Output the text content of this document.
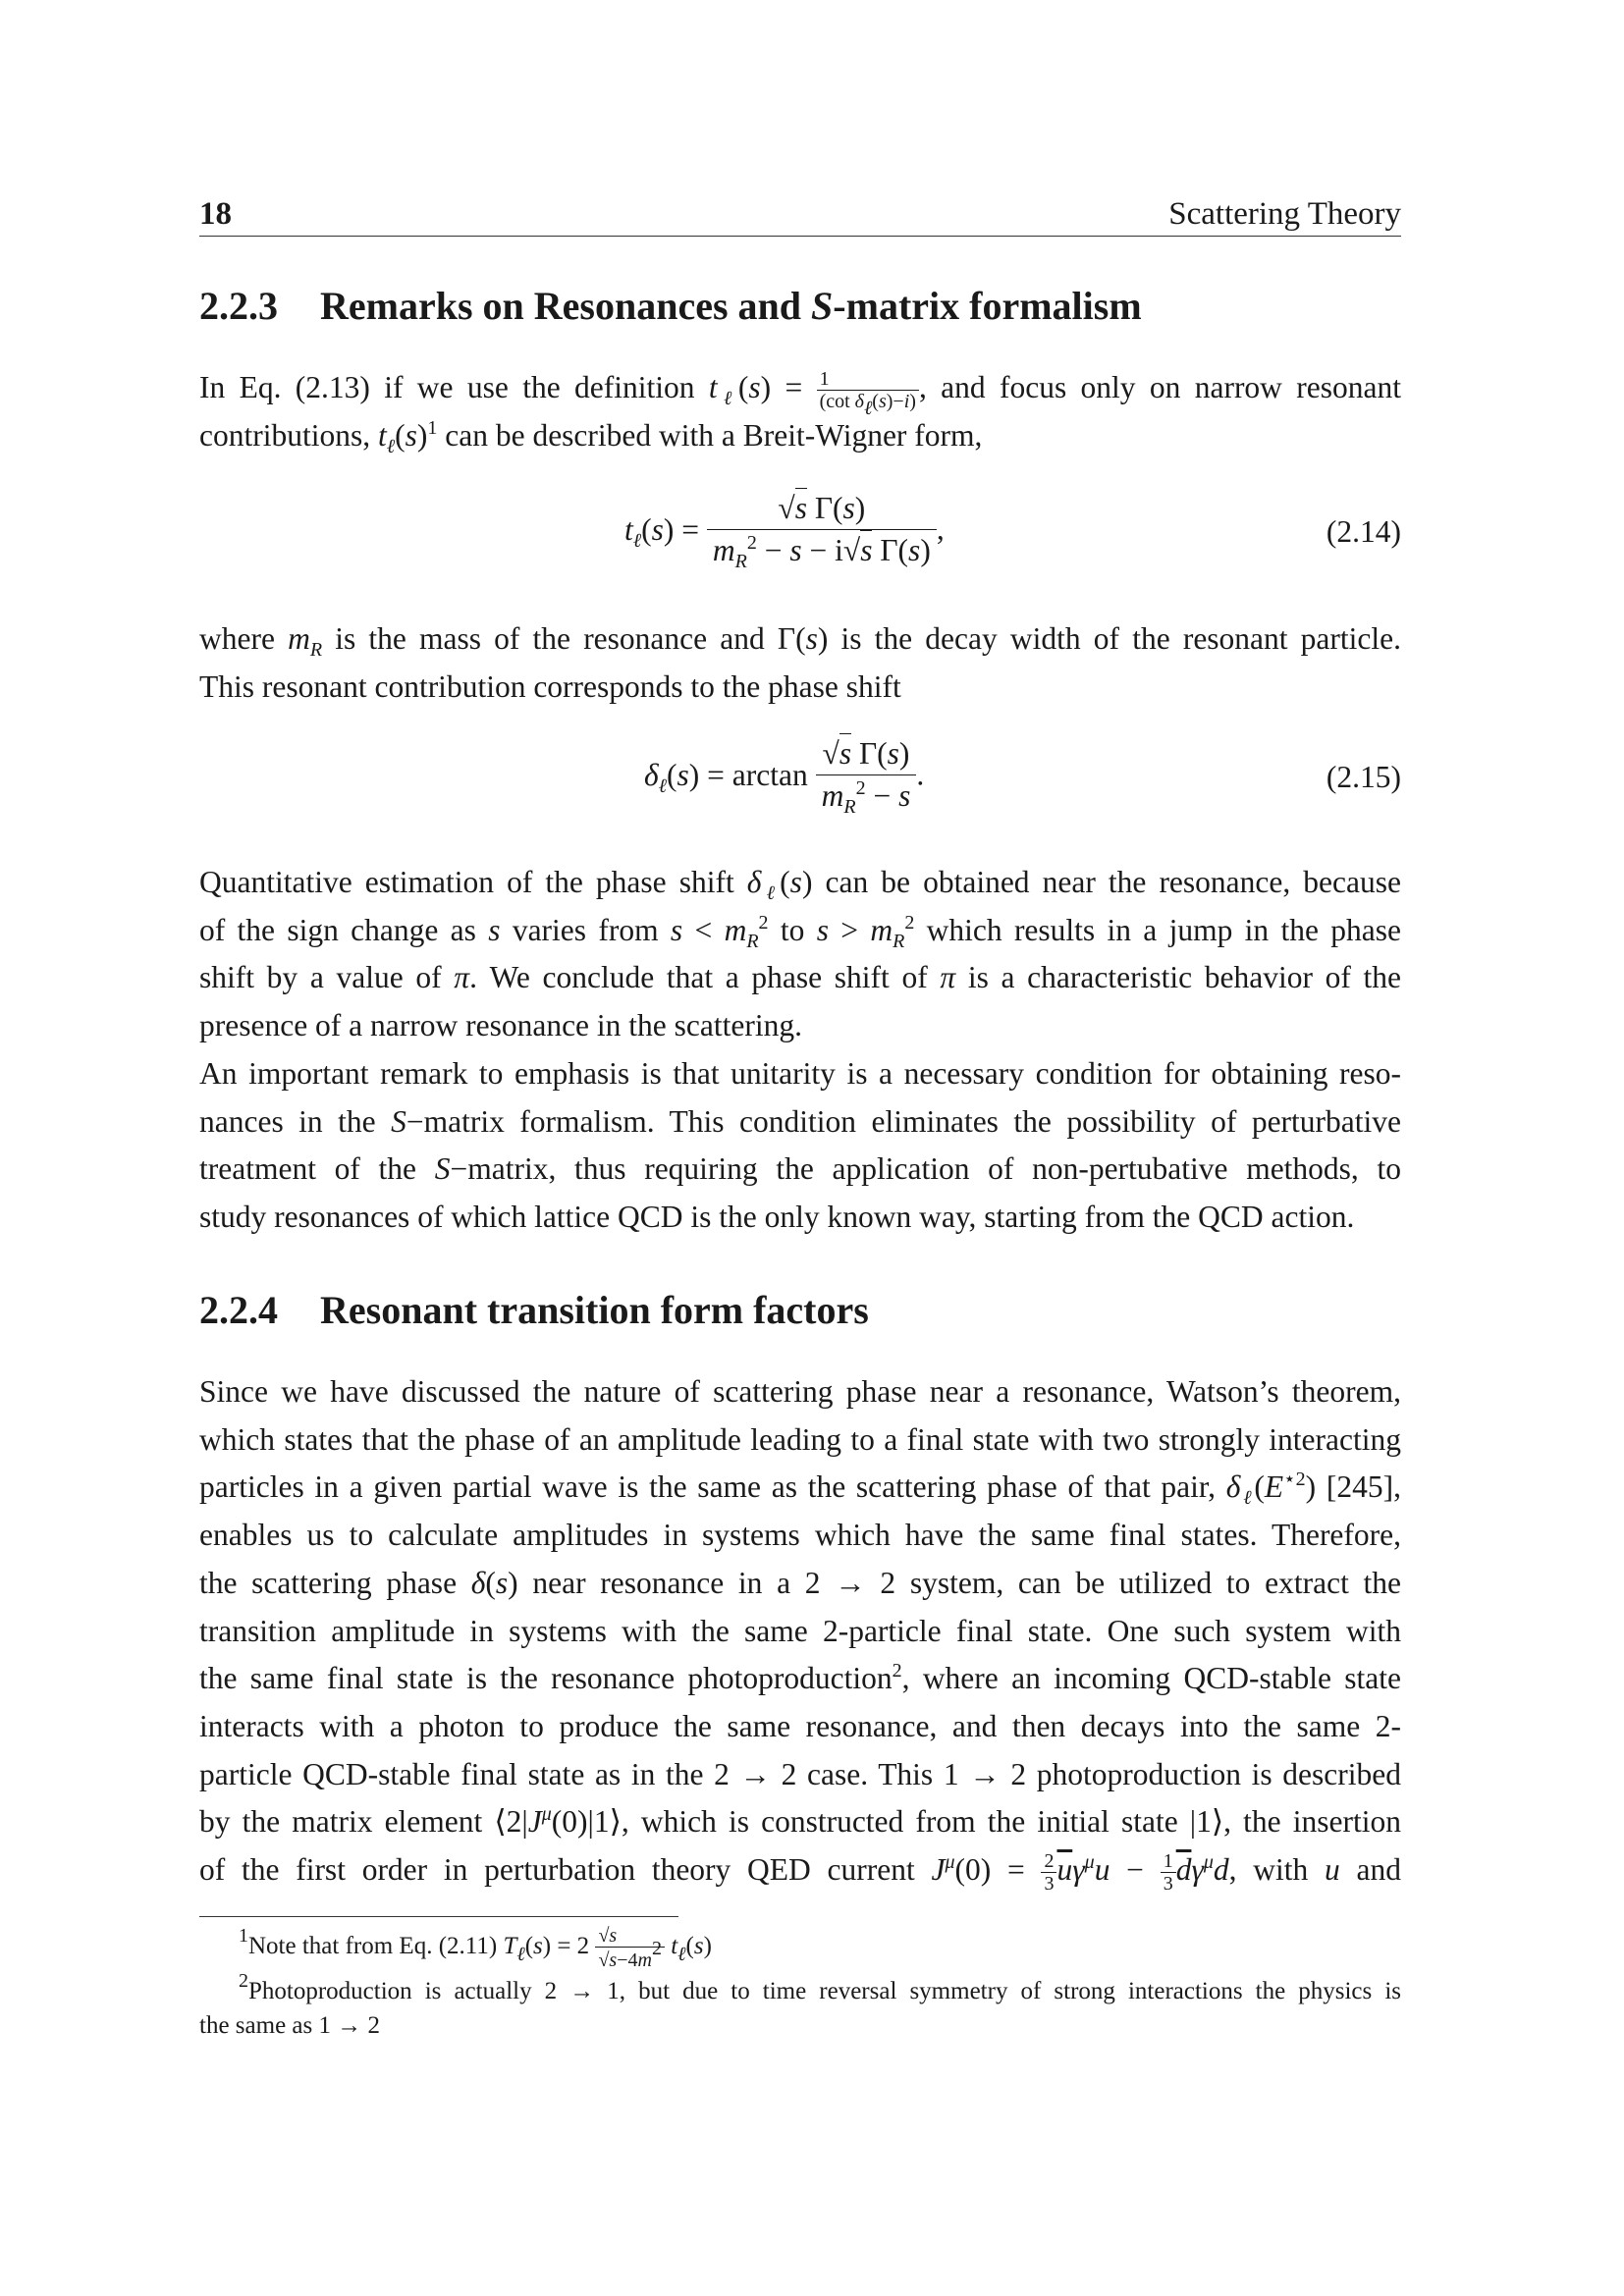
18	Scattering Theory
2.2.3 Remarks on Resonances and S-matrix formalism
In Eq. (2.13) if we use the definition $t_\ell(s) = 1$
(cot $\delta_\ell(s)-i$) , and focus only on narrow resonant
contributions, $t_\ell(s)^1$ can be described with a Breit-Wigner form,
$t_\ell(s) = \frac{\text{√s Γ(s)}}{m_R^2 - s - i√s \Gamma(s)}$ ,	(2.14)
where $m_R$ is the mass of the resonance and Γ(s) is the decay width of the resonant particle.
This resonant contribution corresponds to the phase shift
$\delta_\ell(s) = \arctan \frac{\text{√s Γ(s)}}{m_R^2 - s}$ .	(2.15)
Quantitative estimation of the phase shift $\delta_\ell(s)$ can be obtained near the resonance, because
of the sign change as s varies from $s < m_R^2$ to $s > m_R^2$ which results in a jump in the phase
shift by a value of π. We conclude that a phase shift of π is a characteristic behavior of the
presence of a narrow resonance in the scattering.
An important remark to emphasis is that unitarity is a necessary condition for obtaining reso-
nances in the S−matrix formalism. This condition eliminates the possibility of perturbative
treatment of the S−matrix, thus requiring the application of non-pertubative methods, to
study resonances of which lattice QCD is the only known way, starting from the QCD action.
2.2.4 Resonant transition form factors
Since we have discussed the nature of scattering phase near a resonance, Watson’s theorem,
which states that the phase of an amplitude leading to a final state with two strongly interacting
particles in a given partial wave is the same as the scattering phase of that pair, $\delta_\ell(E^{⋆2})$ [245],
enables us to calculate amplitudes in systems which have the same final states. Therefore,
the scattering phase δ(s) near resonance in a 2 → 2 system, can be utilized to extract the
transition amplitude in systems with the same 2-particle final state. One such system with
the same final state is the resonance photoproduction$^2$, where an incoming QCD-stable state
interacts with a photon to produce the same resonance, and then decays into the same 2-
particle QCD-stable final state as in the 2 → 2 case. This 1 → 2 photoproduction is described
by the matrix element $⟨2|J^\mu(0)|1⟩$, which is constructed from the initial state |1⟩, the insertion
of the first order in perturbation theory QED current $J^\mu(0) = \frac{2}{3} \overline{u}\gamma^\mu u - \frac{1}{3} \overline{d}\gamma^\mu d$, with u and
$^1$Note that from Eq. (2.11) $T_\ell(s) = 2 \frac{√s}{√s-4m^2} t_\ell(s)$
$^2$Photoproduction is actually 2 → 1, but due to time reversal symmetry of strong interactions the physics is
the same as 1 → 2
